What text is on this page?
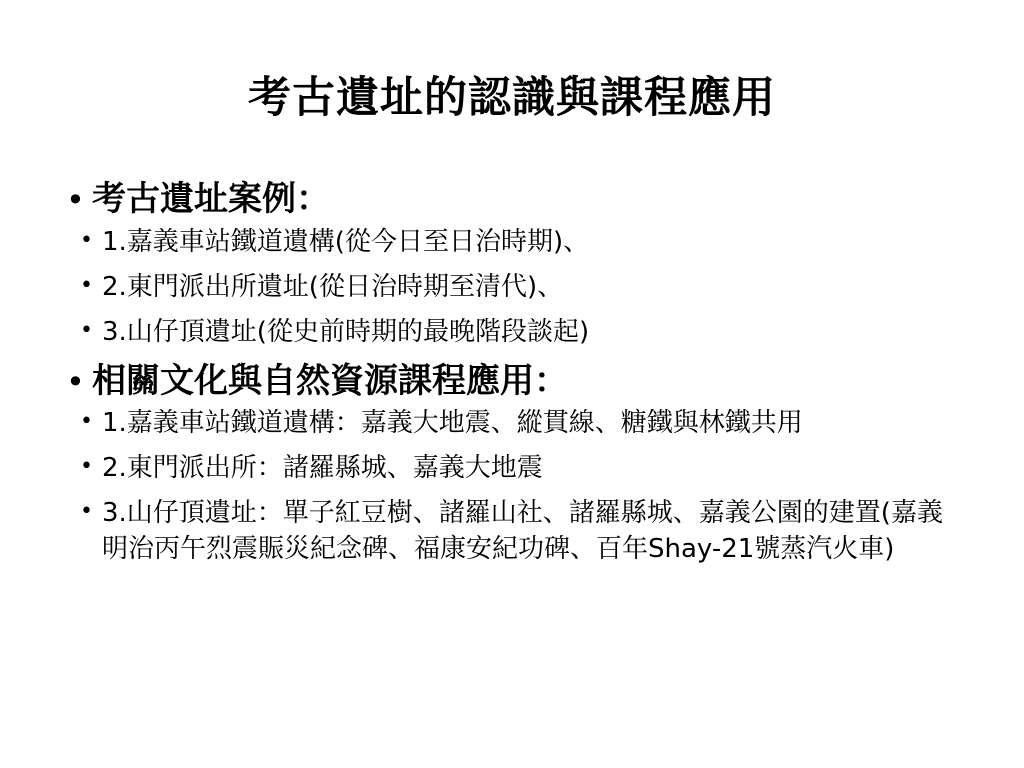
考古遺址的認識與課程應用
• 考古遺址案例：
• 1.嘉義車站鐵道遺構(從今日至日治時期)、
• 2.東門派出所遺址(從日治時期至清代)、
• 3.山仔頂遺址(從史前時期的最晚階段談起)
• 相關文化與自然資源課程應用：
• 1.嘉義車站鐵道遺構：嘉義大地震、縱貫線、糖鐵與林鐵共用
• 2.東門派出所：諸羅縣城、嘉義大地震
• 3.山仔頂遺址：單子紅豆樹、諸羅山社、諸羅縣城、嘉義公園的建置(嘉義明治丙午烈震賑災紀念碑、福康安紀功碑、百年Shay-21號蒸汽火車)
